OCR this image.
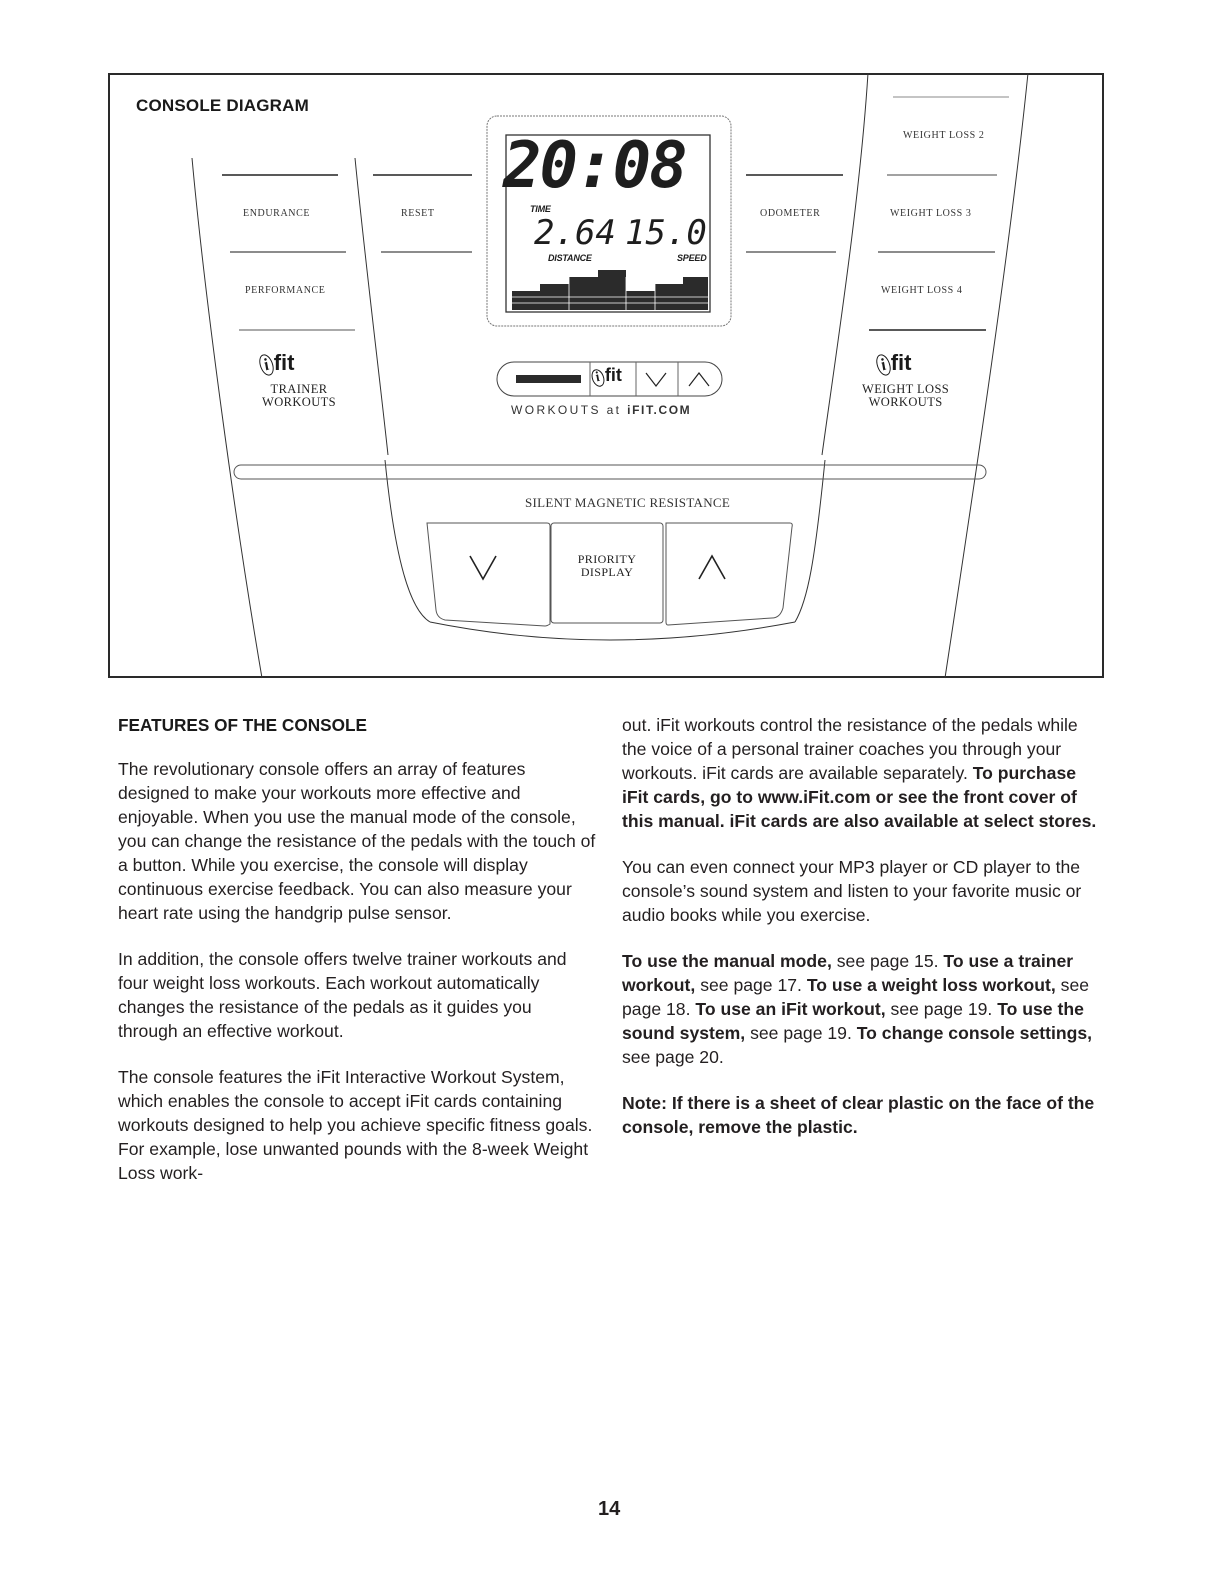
CONSOLE DIAGRAM
ENDURANCE
PERFORMANCE
RESET	ODOMETER
WEIGHT LOSS 2
WEIGHT LOSS 3
WEIGHT LOSS 4
ifit
TRAINER
WORKOUTS
ifit
WEIGHT LOSS
WORKOUTS
20:08
TIME
2.64 15.0
DISTANCE	SPEED
i fit
WORKOUTS at iFIT.COM
SILENT MAGNETIC RESISTANCE
PRIORITY
DISPLAY
FEATURES OF THE CONSOLE

The revolutionary console offers an array of features designed to make your workouts more effective and enjoyable. When you use the manual mode of the console, you can change the resistance of the pedals with the touch of a button. While you exercise, the console will display continuous exercise feedback. You can also measure your heart rate using the handgrip pulse sensor.

In addition, the console offers twelve trainer workouts and four weight loss workouts. Each workout automatically changes the resistance of the pedals as it guides you through an effective workout.

The console features the iFit Interactive Workout System, which enables the console to accept iFit cards containing workouts designed to help you achieve specific fitness goals. For example, lose unwanted pounds with the 8-week Weight Loss work-

out. iFit workouts control the resistance of the pedals while the voice of a personal trainer coaches you through your workouts. iFit cards are available separately. To purchase iFit cards, go to www.iFit.com or see the front cover of this manual. iFit cards are also available at select stores.

You can even connect your MP3 player or CD player to the console’s sound system and listen to your favorite music or audio books while you exercise.

To use the manual mode, see page 15. To use a trainer workout, see page 17. To use a weight loss workout, see page 18. To use an iFit workout, see page 19. To use the sound system, see page 19. To change console settings, see page 20.

Note: If there is a sheet of clear plastic on the face of the console, remove the plastic.

14
